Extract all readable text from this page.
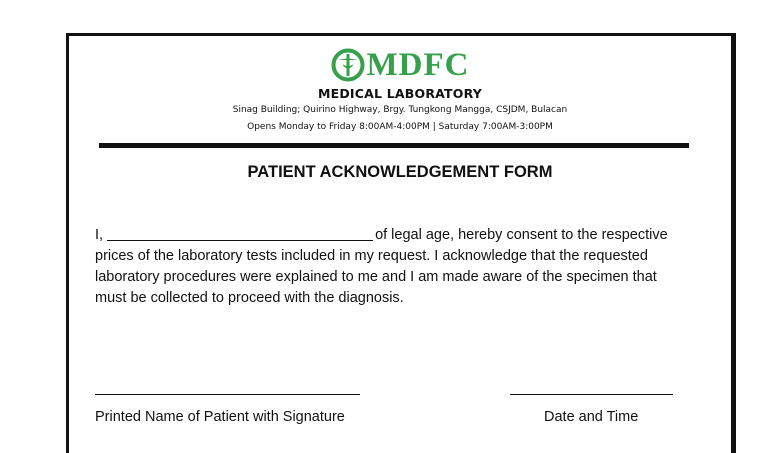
MDFC
MEDICAL LABORATORY
Sinag Building; Quirino Highway, Brgy. Tungkong Mangga, CSJDM, Bulacan
Opens Monday to Friday 8:00AM-4:00PM | Saturday 7:00AM-3:00PM
PATIENT ACKNOWLEDGEMENT FORM

I,	of legal age, hereby consent to the respective

prices of the laboratory tests included in my request. I acknowledge that the requested

laboratory procedures were explained to me and I am made aware of the specimen that

must be collected to proceed with the diagnosis.

Printed Name of Patient with Signature	Date and Time
